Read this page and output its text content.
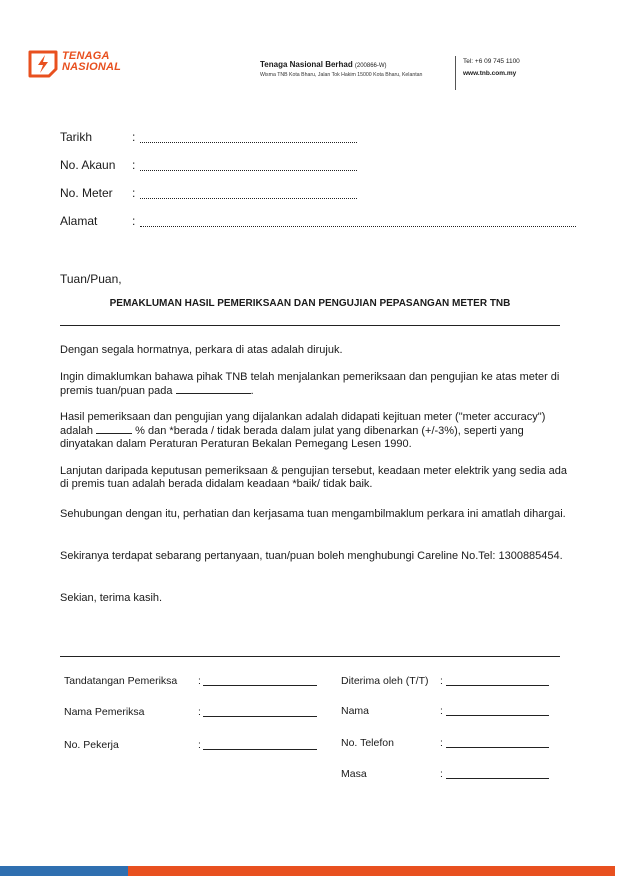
TENAGA
NASIONAL	Tenaga Nasional Berhad (200866-W)
Wisma TNB Kota Bharu, Jalan Tok Hakim 15000 Kota Bharu, Kelantan
Tel: +6 09 745 1100
www.tnb.com.my
Tarikh	:
No. Akaun :
No. Meter :
Alamat	:
Tuan/Puan,
PEMAKLUMAN HASIL PEMERIKSAAN DAN PENGUJIAN PEPASANGAN METER TNB
Dengan segala hormatnya, perkara di atas adalah dirujuk.
Ingin dimaklumkan bahawa pihak TNB telah menjalankan pemeriksaan dan pengujian ke atas meter di premis tuan/puan pada	.
Hasil pemeriksaan dan pengujian yang dijalankan adalah didapati kejituan meter ("meter accuracy") adalah	% dan *berada / tidak berada dalam julat yang dibenarkan (+/-3%), seperti yang dinyatakan dalam Peraturan Peraturan Bekalan Pemegang Lesen 1990.
Lanjutan daripada keputusan pemeriksaan & pengujian tersebut, keadaan meter elektrik yang sedia ada di premis tuan adalah berada didalam keadaan *baik/ tidak baik.
Sehubungan dengan itu, perhatian dan kerjasama tuan mengambilmaklum perkara ini amatlah dihargai.
Sekiranya terdapat sebarang pertanyaan, tuan/puan boleh menghubungi Careline No.Tel: 1300885454.
Sekian, terima kasih.
Tandatangan Pemeriksa :
Nama Pemeriksa	:
No. Pekerja	:
Diterima oleh (T/T) :
Nama	:
No. Telefon	:
Masa	:
